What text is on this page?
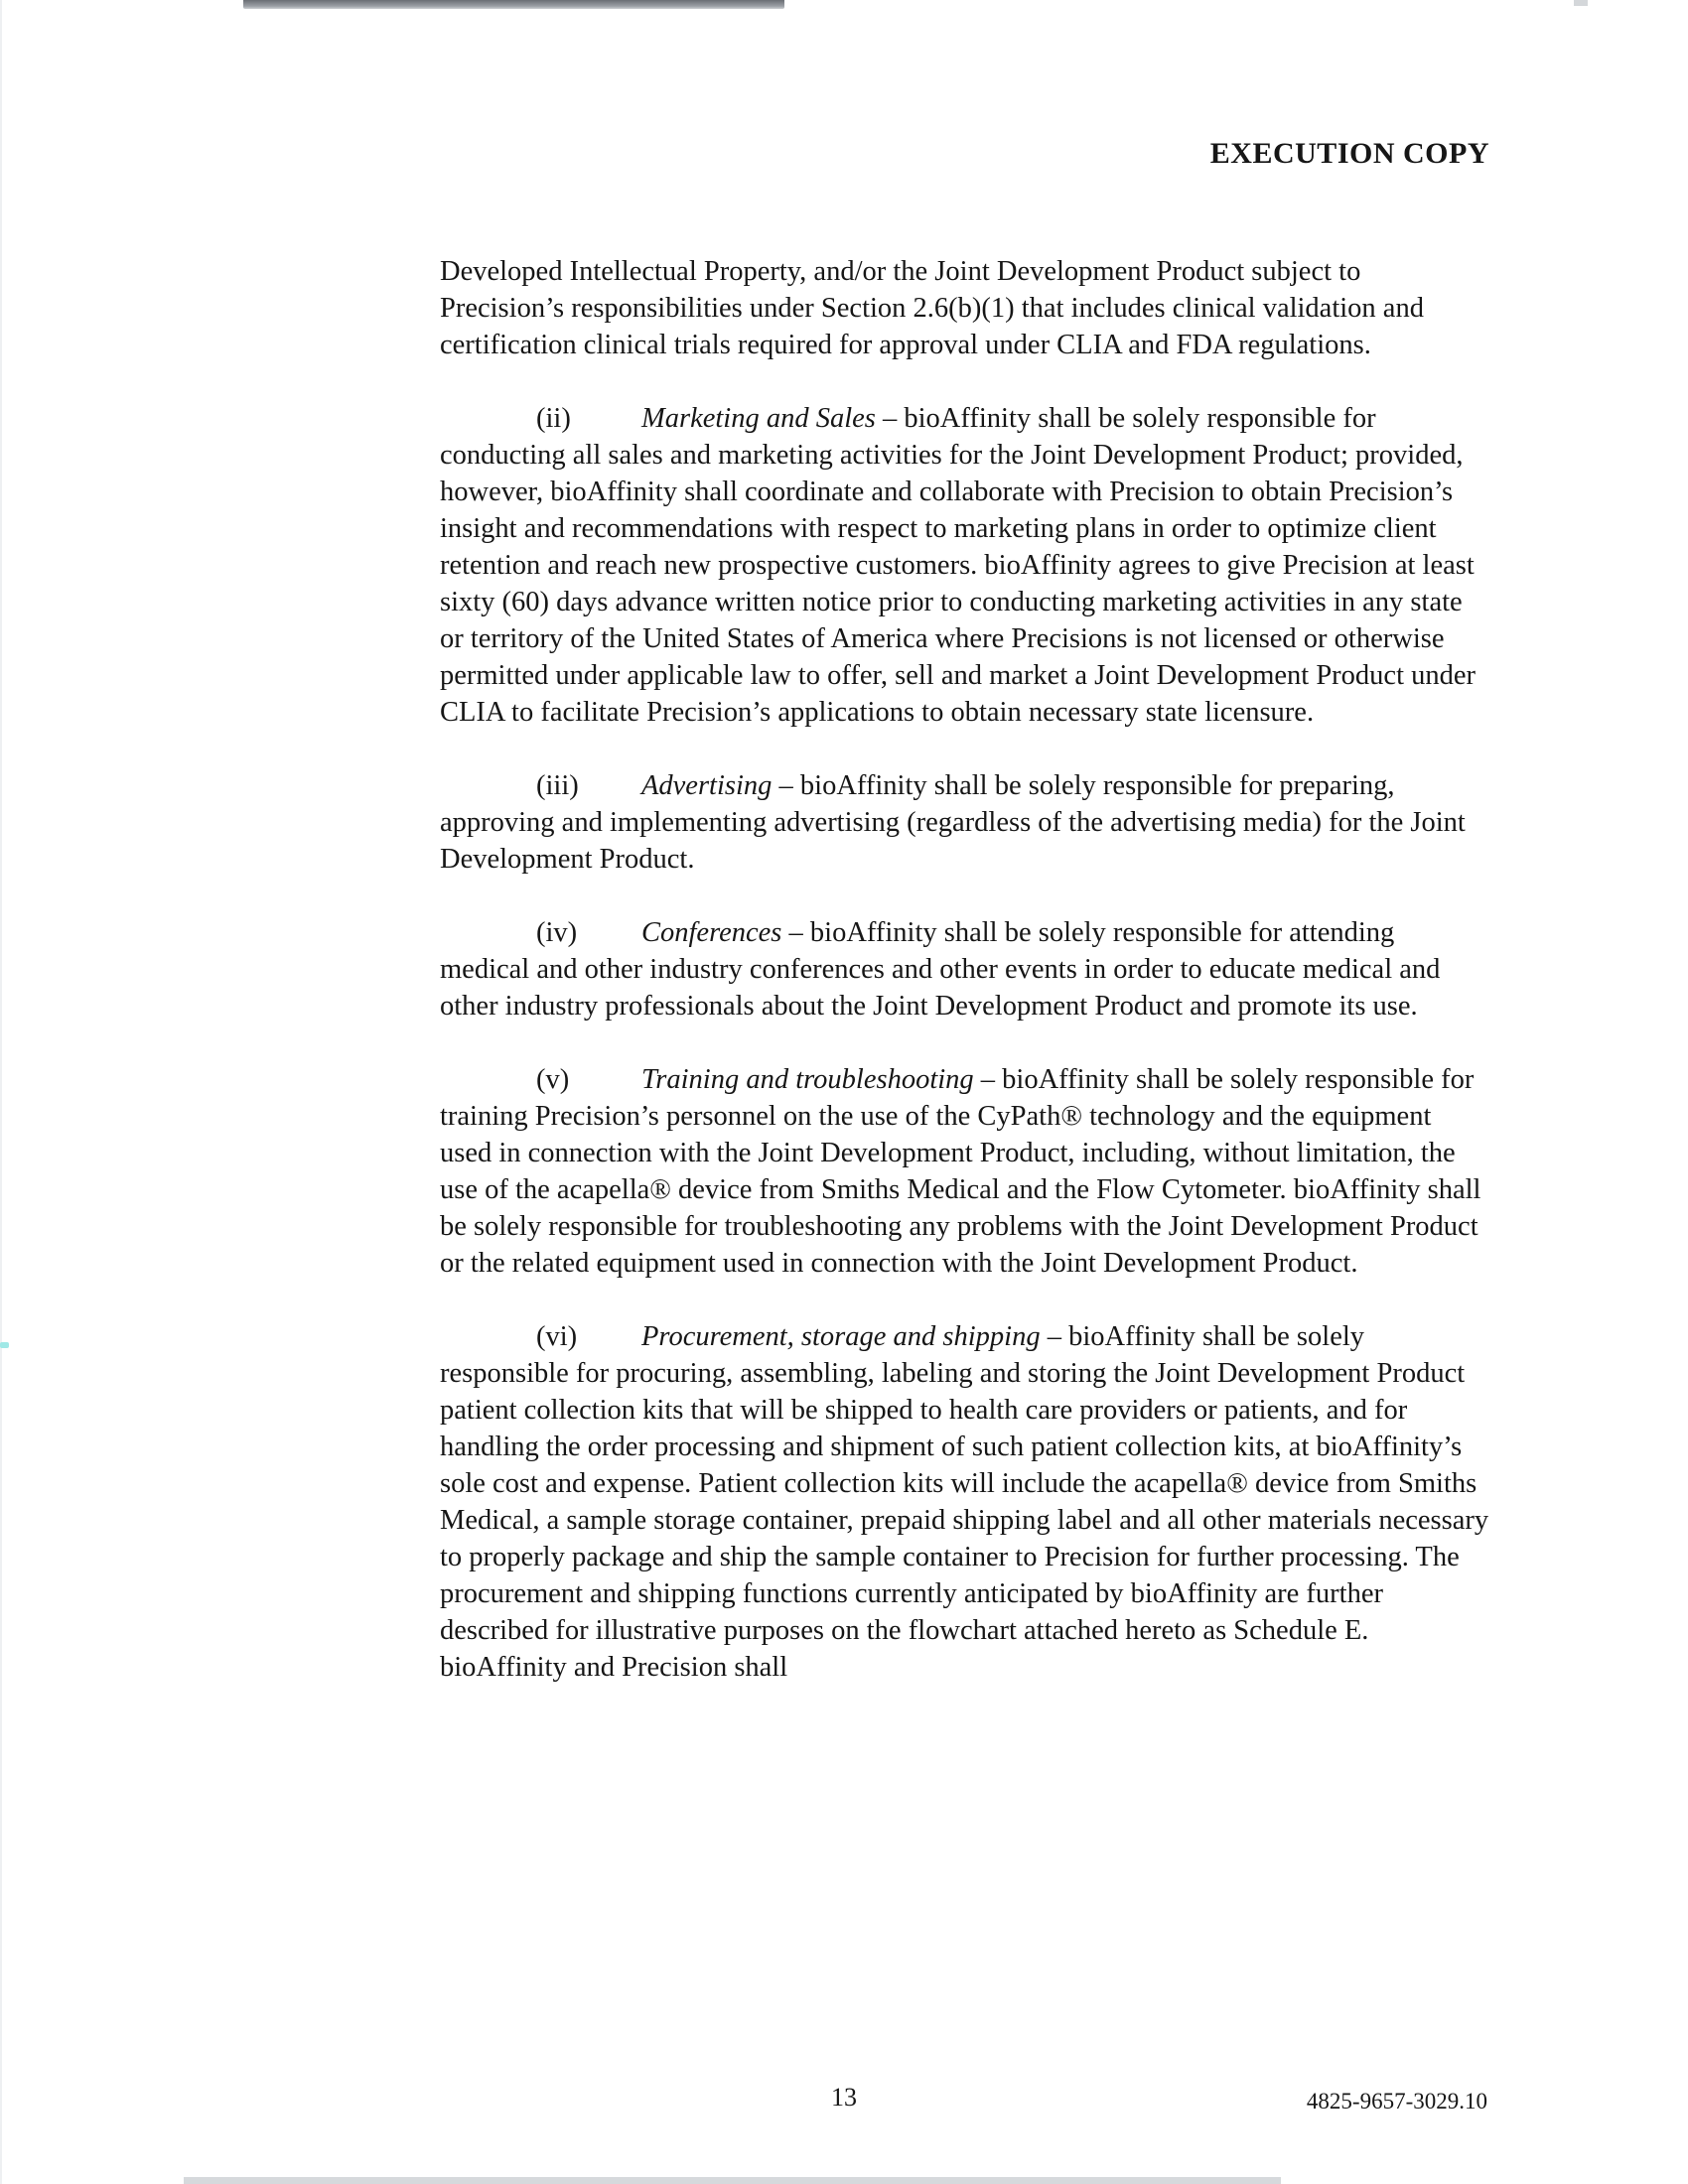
EXECUTION COPY

Developed Intellectual Property, and/or the Joint Development Product subject to Precision’s responsibilities under Section 2.6(b)(1) that includes clinical validation and certification clinical trials required for approval under CLIA and FDA regulations.

(ii) Marketing and Sales – bioAffinity shall be solely responsible for conducting all sales and marketing activities for the Joint Development Product; provided, however, bioAffinity shall coordinate and collaborate with Precision to obtain Precision’s insight and recommendations with respect to marketing plans in order to optimize client retention and reach new prospective customers. bioAffinity agrees to give Precision at least sixty (60) days advance written notice prior to conducting marketing activities in any state or territory of the United States of America where Precisions is not licensed or otherwise permitted under applicable law to offer, sell and market a Joint Development Product under CLIA to facilitate Precision’s applications to obtain necessary state licensure.

(iii) Advertising – bioAffinity shall be solely responsible for preparing, approving and implementing advertising (regardless of the advertising media) for the Joint Development Product.

(iv) Conferences – bioAffinity shall be solely responsible for attending medical and other industry conferences and other events in order to educate medical and other industry professionals about the Joint Development Product and promote its use.

(v)	Training and troubleshooting – bioAffinity shall be solely responsible for training Precision’s personnel on the use of the CyPath® technology and the equipment used in connection with the Joint Development Product, including, without limitation, the use of the acapella® device from Smiths Medical and the Flow Cytometer. bioAffinity shall be solely responsible for troubleshooting any problems with the Joint Development Product or the related equipment used in connection with the Joint Development Product.

(vi) Procurement, storage and shipping – bioAffinity shall be solely responsible for procuring, assembling, labeling and storing the Joint Development Product patient collection kits that will be shipped to health care providers or patients, and for handling the order processing and shipment of such patient collection kits, at bioAffinity’s sole cost and expense. Patient collection kits will include the acapella® device from Smiths Medical, a sample storage container, prepaid shipping label and all other materials necessary to properly package and ship the sample container to Precision for further processing. The procurement and shipping functions currently anticipated by bioAffinity are further described for illustrative purposes on the flowchart attached hereto as Schedule E. bioAffinity and Precision shall

13	4825-9657-3029.10
